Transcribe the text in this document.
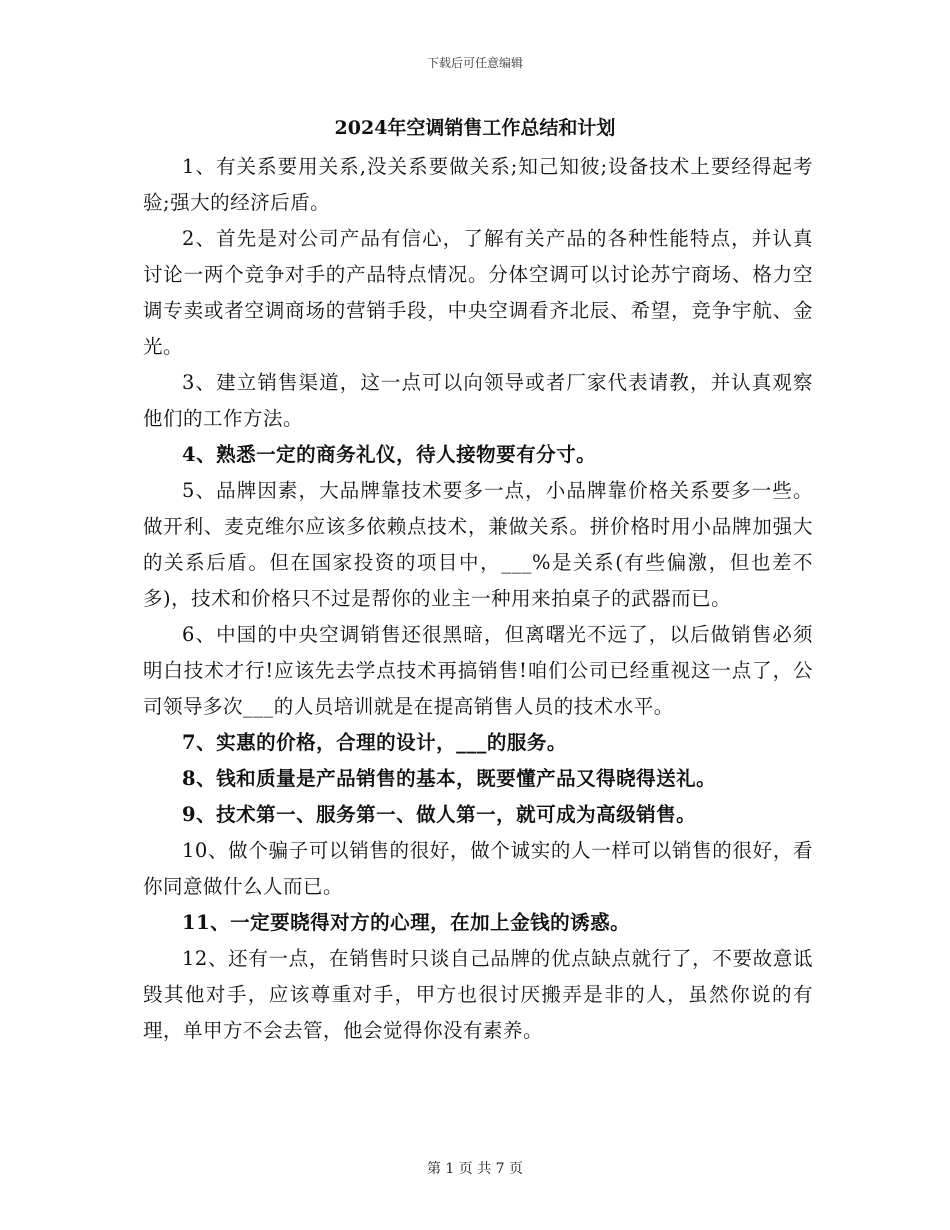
下载后可任意编辑
2024年空调销售工作总结和计划

1、有关系要用关系,没关系要做关系;知己知彼;设备技术上要经得起考验;强大的经济后盾。

2、首先是对公司产品有信心，了解有关产品的各种性能特点，并认真讨论一两个竞争对手的产品特点情况。分体空调可以讨论苏宁商场、格力空调专卖或者空调商场的营销手段，中央空调看齐北辰、希望，竞争宇航、金光。

3、建立销售渠道，这一点可以向领导或者厂家代表请教，并认真观察他们的工作方法。

4、熟悉一定的商务礼仪，待人接物要有分寸。

5、品牌因素，大品牌靠技术要多一点，小品牌靠价格关系要多一些。做开利、麦克维尔应该多依赖点技术，兼做关系。拼价格时用小品牌加强大的关系后盾。但在国家投资的项目中，___%是关系(有些偏激，但也差不多)，技术和价格只不过是帮你的业主一种用来拍桌子的武器而已。

6、中国的中央空调销售还很黑暗，但离曙光不远了，以后做销售必须明白技术才行!应该先去学点技术再搞销售!咱们公司已经重视这一点了，公司领导多次___的人员培训就是在提高销售人员的技术水平。

7、实惠的价格，合理的设计，___的服务。

8、钱和质量是产品销售的基本，既要懂产品又得晓得送礼。

9、技术第一、服务第一、做人第一，就可成为高级销售。

10、做个骗子可以销售的很好，做个诚实的人一样可以销售的很好，看你同意做什么人而已。

11、一定要晓得对方的心理，在加上金钱的诱惑。

12、还有一点，在销售时只谈自己品牌的优点缺点就行了，不要故意诋毁其他对手，应该尊重对手，甲方也很讨厌搬弄是非的人，虽然你说的有理，单甲方不会去管，他会觉得你没有素养。

第 1 页 共 7 页
